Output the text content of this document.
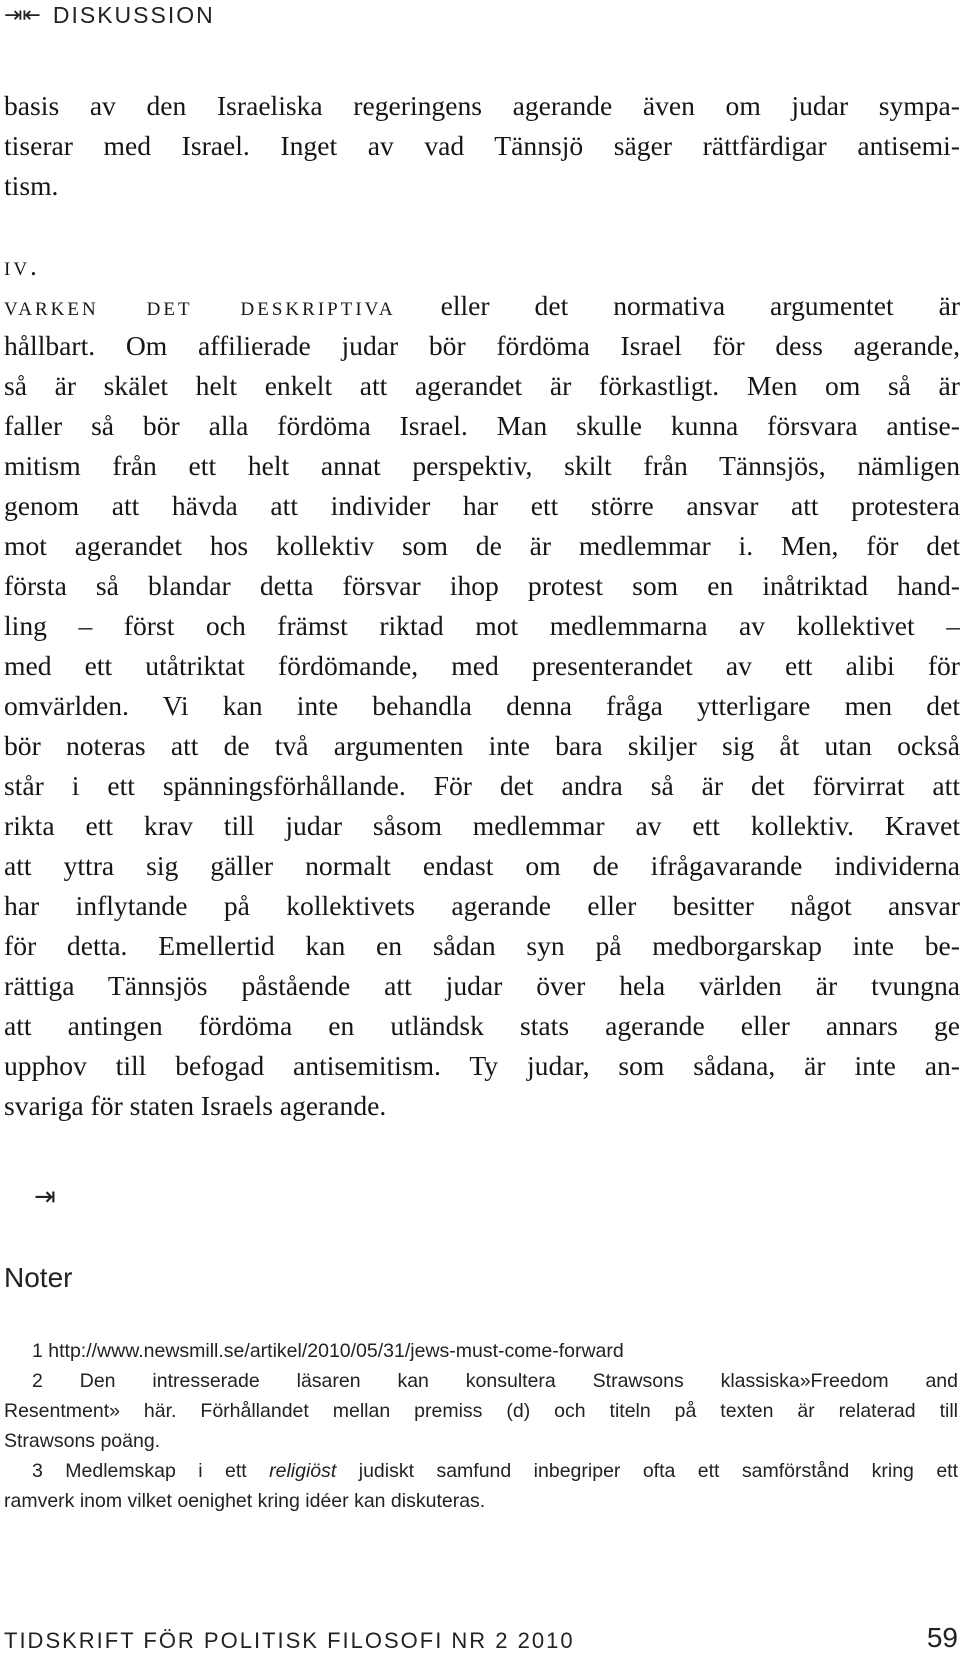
⇥⇤ DISKUSSION
basis av den Israeliska regeringens agerande även om judar sympa-
tiserar med Israel. Inget av vad Tännsjö säger rättfärdigar antisemi-
tism.
iv.
varken det deskriptiva eller det normativa argumentet är
hållbart. Om affilierade judar bör fördöma Israel för dess agerande,
så är skälet helt enkelt att agerandet är förkastligt. Men om så är
faller så bör alla fördöma Israel. Man skulle kunna försvara antise-
mitism från ett helt annat perspektiv, skilt från Tännsjös, nämligen
genom att hävda att individer har ett större ansvar att protestera
mot agerandet hos kollektiv som de är medlemmar i. Men, för det
första så blandar detta försvar ihop protest som en inåtriktad hand-
ling – först och främst riktad mot medlemmarna av kollektivet –
med ett utåtriktat fördömande, med presenterandet av ett alibi för
omvärlden. Vi kan inte behandla denna fråga ytterligare men det
bör noteras att de två argumenten inte bara skiljer sig åt utan också
står i ett spänningsförhållande. För det andra så är det förvirrat att
rikta ett krav till judar såsom medlemmar av ett kollektiv. Kravet
att yttra sig gäller normalt endast om de ifrågavarande individerna
har inflytande på kollektivets agerande eller besitter något ansvar
för detta. Emellertid kan en sådan syn på medborgarskap inte be-
rättiga Tännsjös påstående att judar över hela världen är tvungna
att antingen fördöma en utländsk stats agerande eller annars ge
upphov till befogad antisemitism. Ty judar, som sådana, är inte an-
svariga för staten Israels agerande.
⇥
Noter
1 http://www.newsmill.se/artikel/2010/05/31/jews-must-come-forward
2 Den intresserade läsaren kan konsultera Strawsons klassiska»Freedom and
Resentment» här. Förhållandet mellan premiss (d) och titeln på texten är relaterad till
Strawsons poäng.
3 Medlemskap i ett religiöst judiskt samfund inbegriper ofta ett samförstånd kring ett
ramverk inom vilket oenighet kring idéer kan diskuteras.
TIDSKRIFT FÖR POLITISK FILOSOFI NR 2 2010	59
